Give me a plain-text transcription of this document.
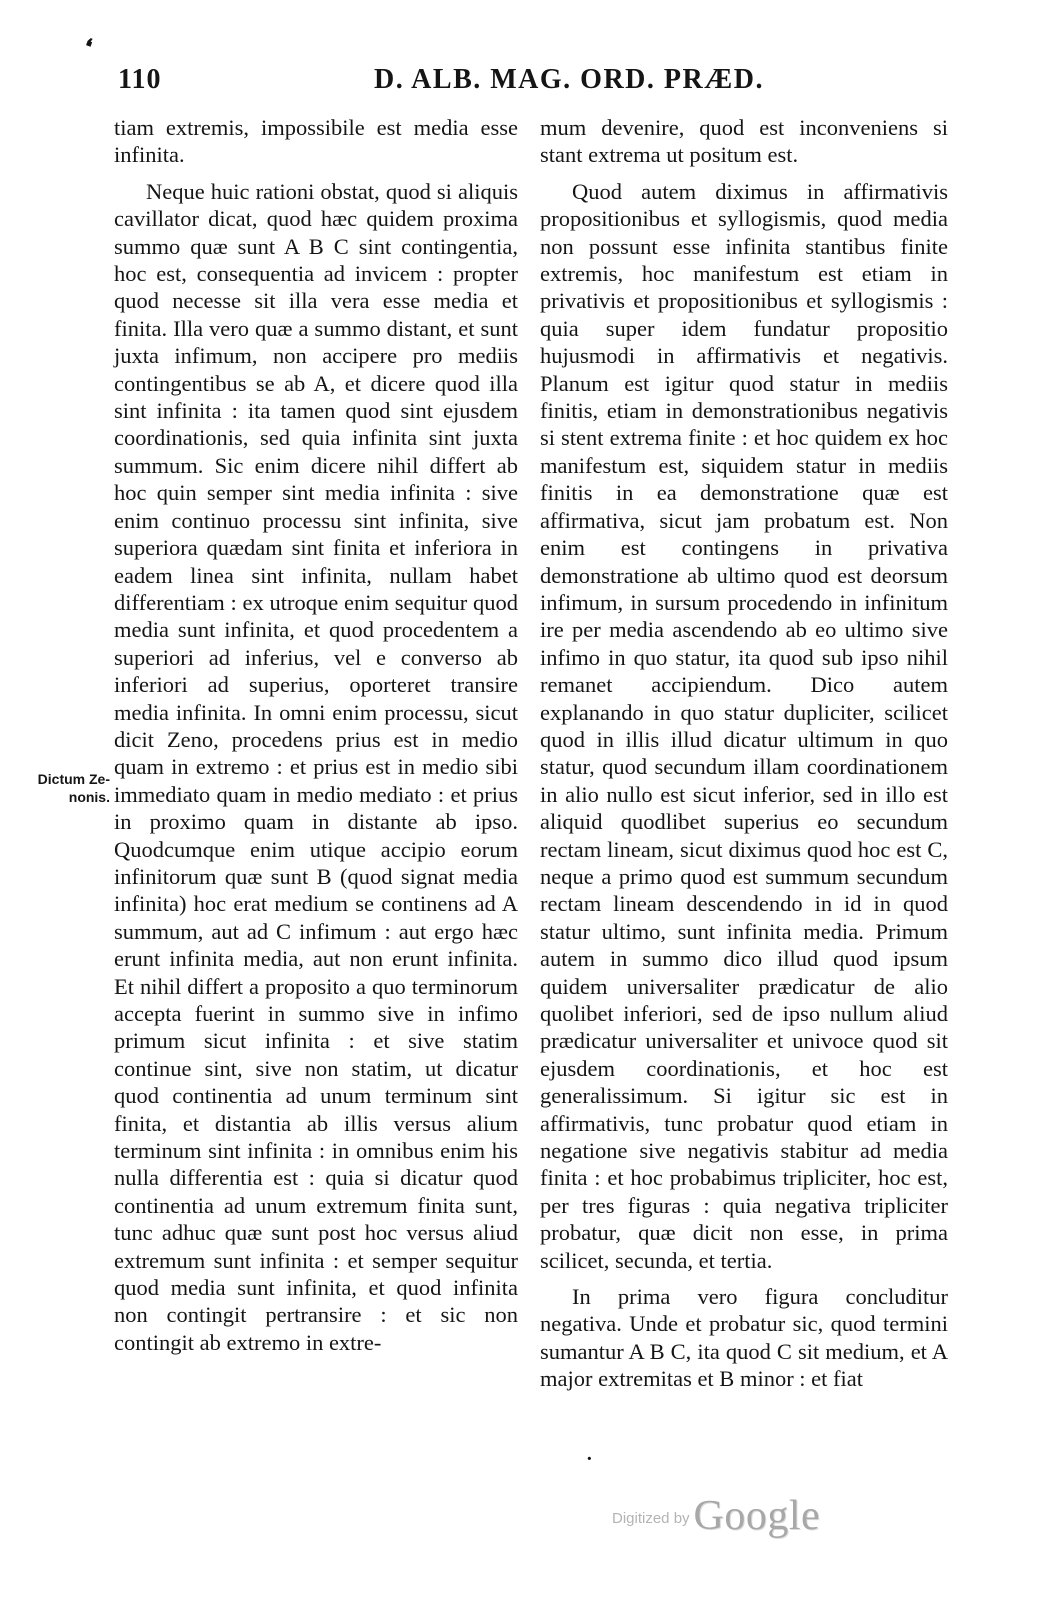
❛
110	D. ALB. MAG. ORD. PRÆD.
Dictum Ze-
nonis.

tiam extremis, impossibile est media esse infinita.

Neque huic rationi obstat, quod si aliquis cavillator dicat, quod hæc quidem proxima summo quæ sunt A B C sint contingentia, hoc est, consequentia ad invicem : propter quod necesse sit illa vera esse media et finita. Illa vero quæ a summo distant, et sunt juxta infimum, non accipere pro mediis contingentibus se ab A, et dicere quod illa sint infinita : ita tamen quod sint ejusdem coordinationis, sed quia infinita sint juxta summum. Sic enim dicere nihil differt ab hoc quin semper sint media infinita : sive enim continuo processu sint infinita, sive superiora quædam sint finita et inferiora in eadem linea sint infinita, nullam habet differentiam : ex utroque enim sequitur quod media sunt infinita, et quod procedentem a superiori ad inferius, vel e converso ab inferiori ad superius, oporteret transire media infinita. In omni enim processu, sicut dicit Zeno, procedens prius est in medio quam in extremo : et prius est in medio sibi immediato quam in medio mediato : et prius in proximo quam in distante ab ipso. Quodcumque enim utique accipio eorum infinitorum quæ sunt B (quod signat media infinita) hoc erat medium se continens ad A summum, aut ad C infimum : aut ergo hæc erunt infinita media, aut non erunt infinita. Et nihil differt a proposito a quo terminorum accepta fuerint in summo sive in infimo primum sicut infinita : et sive statim continue sint, sive non statim, ut dicatur quod continentia ad unum terminum sint finita, et distantia ab illis versus alium terminum sint infinita : in omnibus enim his nulla differentia est : quia si dicatur quod continentia ad unum extremum finita sunt, tunc adhuc quæ sunt post hoc versus aliud extremum sunt infinita : et semper sequitur quod media sunt infinita, et quod infinita non contingit pertransire : et sic non contingit ab extremo in extre-

mum devenire, quod est inconveniens si stant extrema ut positum est.

Quod autem diximus in affirmativis propositionibus et syllogismis, quod media non possunt esse infinita stantibus finite extremis, hoc manifestum est etiam in privativis et propositionibus et syllogismis : quia super idem fundatur propositio hujusmodi in affirmativis et negativis. Planum est igitur quod statur in mediis finitis, etiam in demonstrationibus negativis si stent extrema finite : et hoc quidem ex hoc manifestum est, siquidem statur in mediis finitis in ea demonstratione quæ est affirmativa, sicut jam probatum est. Non enim est contingens in privativa demonstratione ab ultimo quod est deorsum infimum, in sursum procedendo in infinitum ire per media ascendendo ab eo ultimo sive infimo in quo statur, ita quod sub ipso nihil remanet accipiendum. Dico autem explanando in quo statur dupliciter, scilicet quod in illis illud dicatur ultimum in quo statur, quod secundum illam coordinationem in alio nullo est sicut inferior, sed in illo est aliquid quodlibet superius eo secundum rectam lineam, sicut diximus quod hoc est C, neque a primo quod est summum secundum rectam lineam descendendo in id in quod statur ultimo, sunt infinita media. Primum autem in summo dico illud quod ipsum quidem universaliter prædicatur de alio quolibet inferiori, sed de ipso nullum aliud prædicatur universaliter et univoce quod sit ejusdem coordinationis, et hoc est generalissimum. Si igitur sic est in affirmativis, tunc probatur quod etiam in negatione sive negativis stabitur ad media finita : et hoc probabimus tripliciter, hoc est, per tres figuras : quia negativa tripliciter probatur, quæ dicit non esse, in prima scilicet, secunda, et tertia.

In prima vero figura concluditur negativa. Unde et probatur sic, quod termini sumantur A B C, ita quod C sit medium, et A major extremitas et B minor : et fiat

·
Digitized by Google
